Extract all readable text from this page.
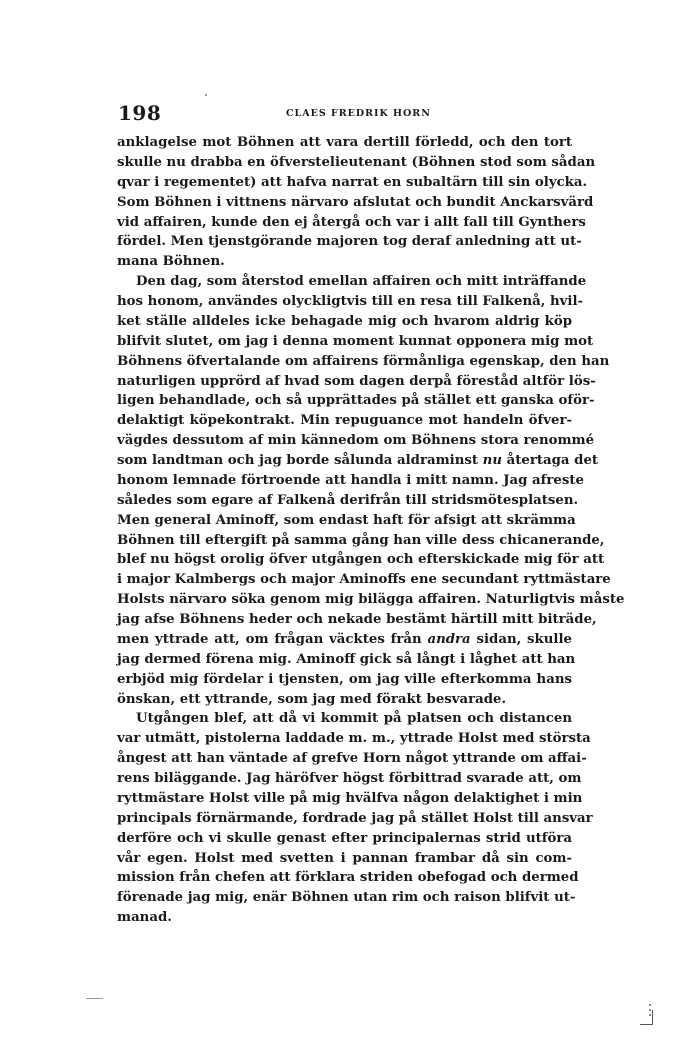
198	CLAES FREDRIK HORN
anklagelse mot Böhnen att vara dertill förledd, och den tort
skulle nu drabba en öfverstelieutenant (Böhnen stod som sådan
qvar i regementet) att hafva narrat en subaltärn till sin olycka.
Som Böhnen i vittnens närvaro afslutat och bundit Anckarsvärd
vid affairen, kunde den ej återgå och var i allt fall till Gynthers
fördel. Men tjenstgörande majoren tog deraf anledning att ut-
mana Böhnen.
Den dag, som återstod emellan affairen och mitt inträffande
hos honom, användes olyckligtvis till en resa till Falkenå, hvil-
ket ställe alldeles icke behagade mig och hvarom aldrig köp
blifvit slutet, om jag i denna moment kunnat opponera mig mot
Böhnens öfvertalande om affairens förmånliga egenskap, den han
naturligen upprörd af hvad som dagen derpå föreståd altför lös-
ligen behandlade, och så upprättades på stället ett ganska oför-
delaktigt köpekontrakt. Min repuguance mot handeln öfver-
vägdes dessutom af min kännedom om Böhnens stora renommé
som landtman och jag borde sålunda aldraminst nu återtaga det
honom lemnade förtroende att handla i mitt namn. Jag afreste
således som egare af Falkenå derifrån till stridsmötesplatsen.
Men general Aminoff, som endast haft för afsigt att skrämma
Böhnen till eftergift på samma gång han ville dess chicanerande,
blef nu högst orolig öfver utgången och efterskickade mig för att
i major Kalmbergs och major Aminoffs ene secundant ryttmästare
Holsts närvaro söka genom mig bilägga affairen. Naturligtvis måste
jag afse Böhnens heder och nekade bestämt härtill mitt biträde,
men yttrade att, om frågan väcktes från andra sidan, skulle
jag dermed förena mig. Aminoff gick så långt i låghet att han
erbjöd mig fördelar i tjensten, om jag ville efterkomma hans
önskan, ett yttrande, som jag med förakt besvarade.
Utgången blef, att då vi kommit på platsen och distancen
var utmätt, pistolerna laddade m. m., yttrade Holst med största
ångest att han väntade af grefve Horn något yttrande om affai-
rens biläggande. Jag häröfver högst förbittrad svarade att, om
ryttmästare Holst ville på mig hvälfva någon delaktighet i min
principals förnärmande, fordrade jag på stället Holst till ansvar
derföre och vi skulle genast efter principalernas strid utföra
vår egen. Holst med svetten i pannan frambar då sin com-
mission från chefen att förklara striden obefogad och dermed
förenade jag mig, enär Böhnen utan rim och raison blifvit ut-
manad.
